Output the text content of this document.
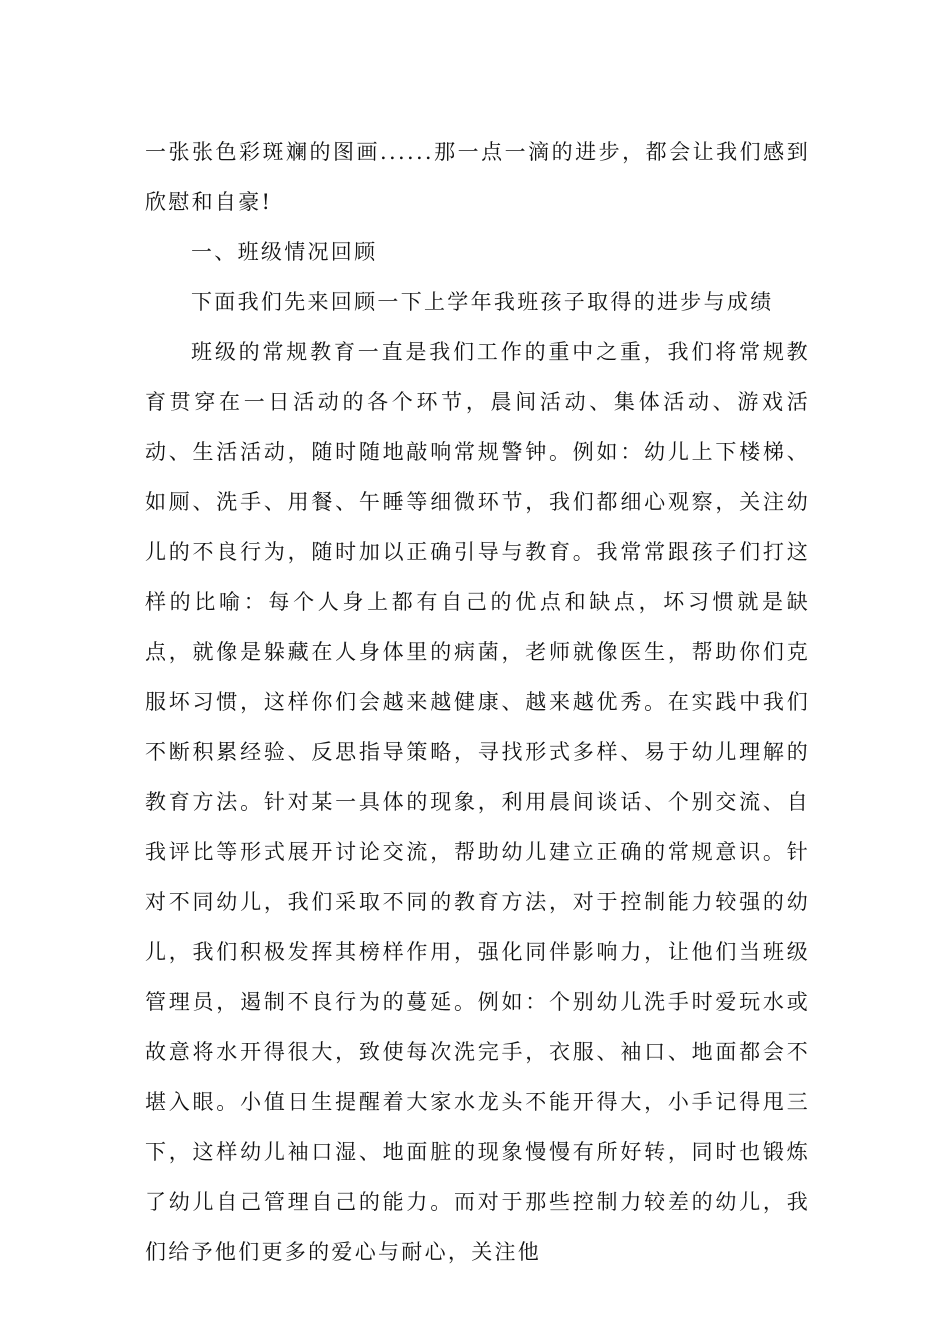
一张张色彩斑斓的图画......那一点一滴的进步，都会让我们感到欣慰和自豪!

一、班级情况回顾

下面我们先来回顾一下上学年我班孩子取得的进步与成绩

班级的常规教育一直是我们工作的重中之重，我们将常规教育贯穿在一日活动的各个环节，晨间活动、集体活动、游戏活动、生活活动，随时随地敲响常规警钟。例如：幼儿上下楼梯、如厕、洗手、用餐、午睡等细微环节，我们都细心观察，关注幼儿的不良行为，随时加以正确引导与教育。我常常跟孩子们打这样的比喻：每个人身上都有自己的优点和缺点，坏习惯就是缺点，就像是躲藏在人身体里的病菌，老师就像医生，帮助你们克服坏习惯，这样你们会越来越健康、越来越优秀。在实践中我们不断积累经验、反思指导策略，寻找形式多样、易于幼儿理解的教育方法。针对某一具体的现象，利用晨间谈话、个别交流、自我评比等形式展开讨论交流，帮助幼儿建立正确的常规意识。针对不同幼儿，我们采取不同的教育方法，对于控制能力较强的幼儿，我们积极发挥其榜样作用，强化同伴影响力，让他们当班级管理员，遏制不良行为的蔓延。例如：个别幼儿洗手时爱玩水或故意将水开得很大，致使每次洗完手，衣服、袖口、地面都会不堪入眼。小值日生提醒着大家水龙头不能开得大，小手记得甩三下，这样幼儿袖口湿、地面脏的现象慢慢有所好转，同时也锻炼了幼儿自己管理自己的能力。而对于那些控制力较差的幼儿，我们给予他们更多的爱心与耐心，关注他
